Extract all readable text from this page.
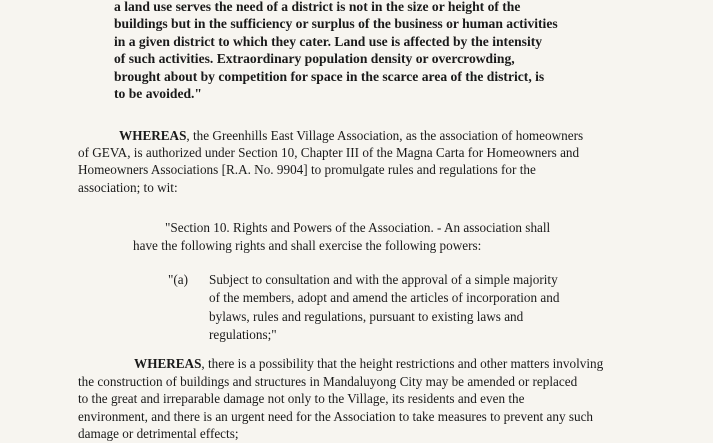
a land use serves the need of a district is not in the size or height of the
buildings but in the sufficiency or surplus of the business or human activities
in a given district to which they cater. Land use is affected by the intensity
of such activities. Extraordinary population density or overcrowding,
brought about by competition for space in the scarce area of the district, is
to be avoided."
WHEREAS, the Greenhills East Village Association, as the association of homeowners
of GEVA, is authorized under Section 10, Chapter III of the Magna Carta for Homeowners and
Homeowners Associations [R.A. No. 9904] to promulgate rules and regulations for the
association; to wit:
"Section 10. Rights and Powers of the Association. - An association shall
have the following rights and shall exercise the following powers:
"(a) Subject to consultation and with the approval of a simple majority
of the members, adopt and amend the articles of incorporation and
bylaws, rules and regulations, pursuant to existing laws and
regulations;"
WHEREAS, there is a possibility that the height restrictions and other matters involving
the construction of buildings and structures in Mandaluyong City may be amended or replaced
to the great and irreparable damage not only to the Village, its residents and even the
environment, and there is an urgent need for the Association to take measures to prevent any such
damage or detrimental effects;
